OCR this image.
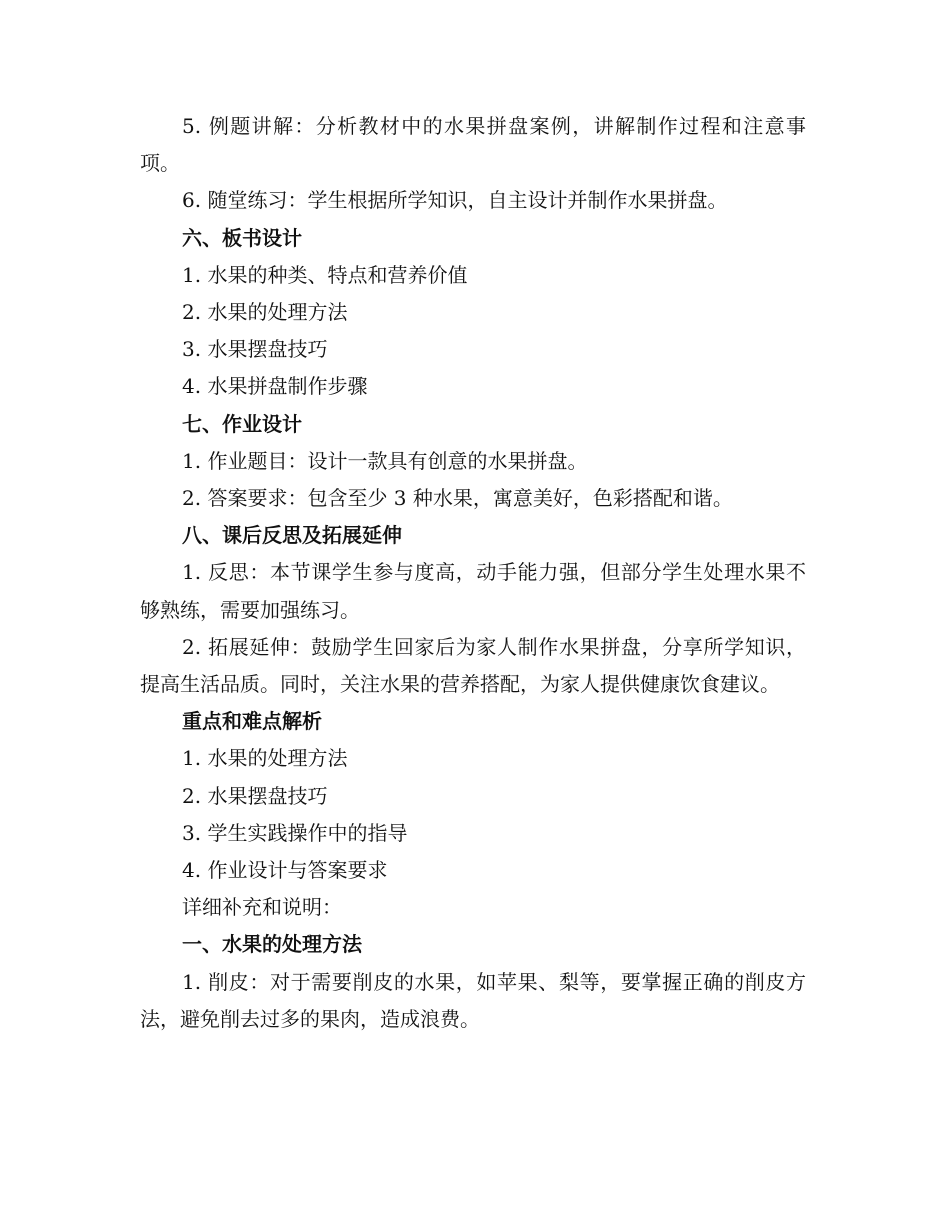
5. 例题讲解：分析教材中的水果拼盘案例，讲解制作过程和注意事项。

6. 随堂练习：学生根据所学知识，自主设计并制作水果拼盘。

六、板书设计

1. 水果的种类、特点和营养价值

2. 水果的处理方法

3. 水果摆盘技巧

4. 水果拼盘制作步骤

七、作业设计

1. 作业题目：设计一款具有创意的水果拼盘。

2. 答案要求：包含至少 3 种水果，寓意美好，色彩搭配和谐。

八、课后反思及拓展延伸

1. 反思：本节课学生参与度高，动手能力强，但部分学生处理水果不够熟练，需要加强练习。

2. 拓展延伸：鼓励学生回家后为家人制作水果拼盘，分享所学知识，提高生活品质。同时，关注水果的营养搭配，为家人提供健康饮食建议。

重点和难点解析

1. 水果的处理方法

2. 水果摆盘技巧

3. 学生实践操作中的指导

4. 作业设计与答案要求

详细补充和说明：

一、水果的处理方法

1. 削皮：对于需要削皮的水果，如苹果、梨等，要掌握正确的削皮方法，避免削去过多的果肉，造成浪费。
